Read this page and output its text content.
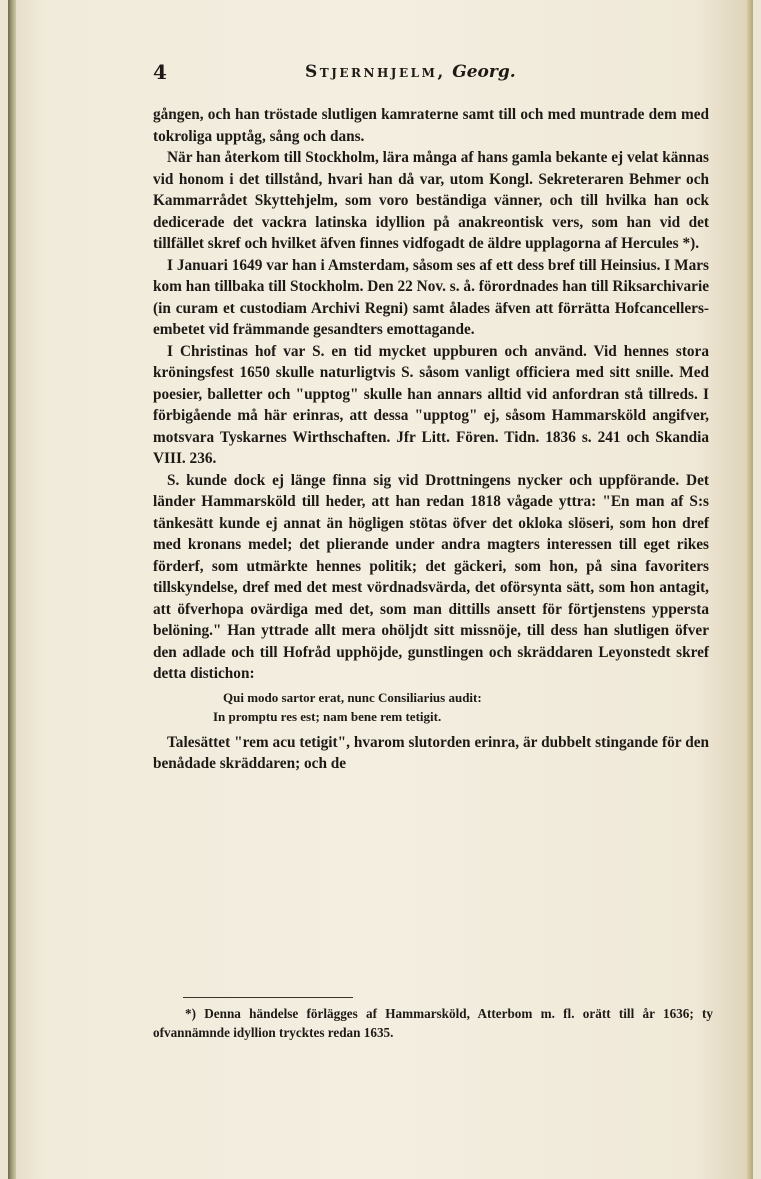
4	Stjernhjelm, Georg.

gången, och han tröstade slutligen kamraterne samt till och med muntrade dem med tokroliga upptåg, sång och dans.

När han återkom till Stockholm, lära många af hans gamla bekante ej velat kännas vid honom i det tillstånd, hvari han då var, utom Kongl. Sekreteraren Behmer och Kammarrådet Skyttehjelm, som voro beständiga vänner, och till hvilka han ock dedicerade det vackra latinska idyllion på anakreontisk vers, som han vid det tillfället skref och hvilket äfven finnes vidfogadt de äldre upplagorna af Hercules *).

I Januari 1649 var han i Amsterdam, såsom ses af ett dess bref till Heinsius. I Mars kom han tillbaka till Stockholm. Den 22 Nov. s. å. förordnades han till Riksarchivarie (in curam et custodiam Archivi Regni) samt ålades äfven att förrätta Hofcancellers-embetet vid främmande gesandters emottagande.

I Christinas hof var S. en tid mycket uppburen och använd. Vid hennes stora kröningsfest 1650 skulle naturligtvis S. såsom vanligt officiera med sitt snille. Med poesier, balletter och "upptog" skulle han annars alltid vid anfordran stå tillreds. I förbigående må här erinras, att dessa "upptog" ej, såsom Hammarsköld angifver, motsvara Tyskarnes Wirthschaften. Jfr Litt. Fören. Tidn. 1836 s. 241 och Skandia VIII. 236.

S. kunde dock ej länge finna sig vid Drottningens nycker och uppförande. Det länder Hammarsköld till heder, att han redan 1818 vågade yttra: "En man af S:s tänkesätt kunde ej annat än högligen stötas öfver det okloka slöseri, som hon dref med kronans medel; det plierande under andra magters interessen till eget rikes förderf, som utmärkte hennes politik; det gäckeri, som hon, på sina favoriters tillskyndelse, dref med det mest vördnadsvärda, det oförsynta sätt, som hon antagit, att öfverhopa ovärdiga med det, som man dittills ansett för förtjenstens yppersta belöning." Han yttrade allt mera ohöljdt sitt missnöje, till dess han slutligen öfver den adlade och till Hofråd upphöjde, gunstlingen och skräddaren Leyonstedt skref detta distichon:

Qui modo sartor erat, nunc Consiliarius audit:
In promptu res est; nam bene rem tetigit.

Talesättet "rem acu tetigit", hvarom slutorden erinra, är dubbelt stingande för den benådade skräddaren; och de

*) Denna händelse förlägges af Hammarsköld, Atterbom m. fl. orätt till år 1636; ty ofvannämnde idyllion trycktes redan 1635.
